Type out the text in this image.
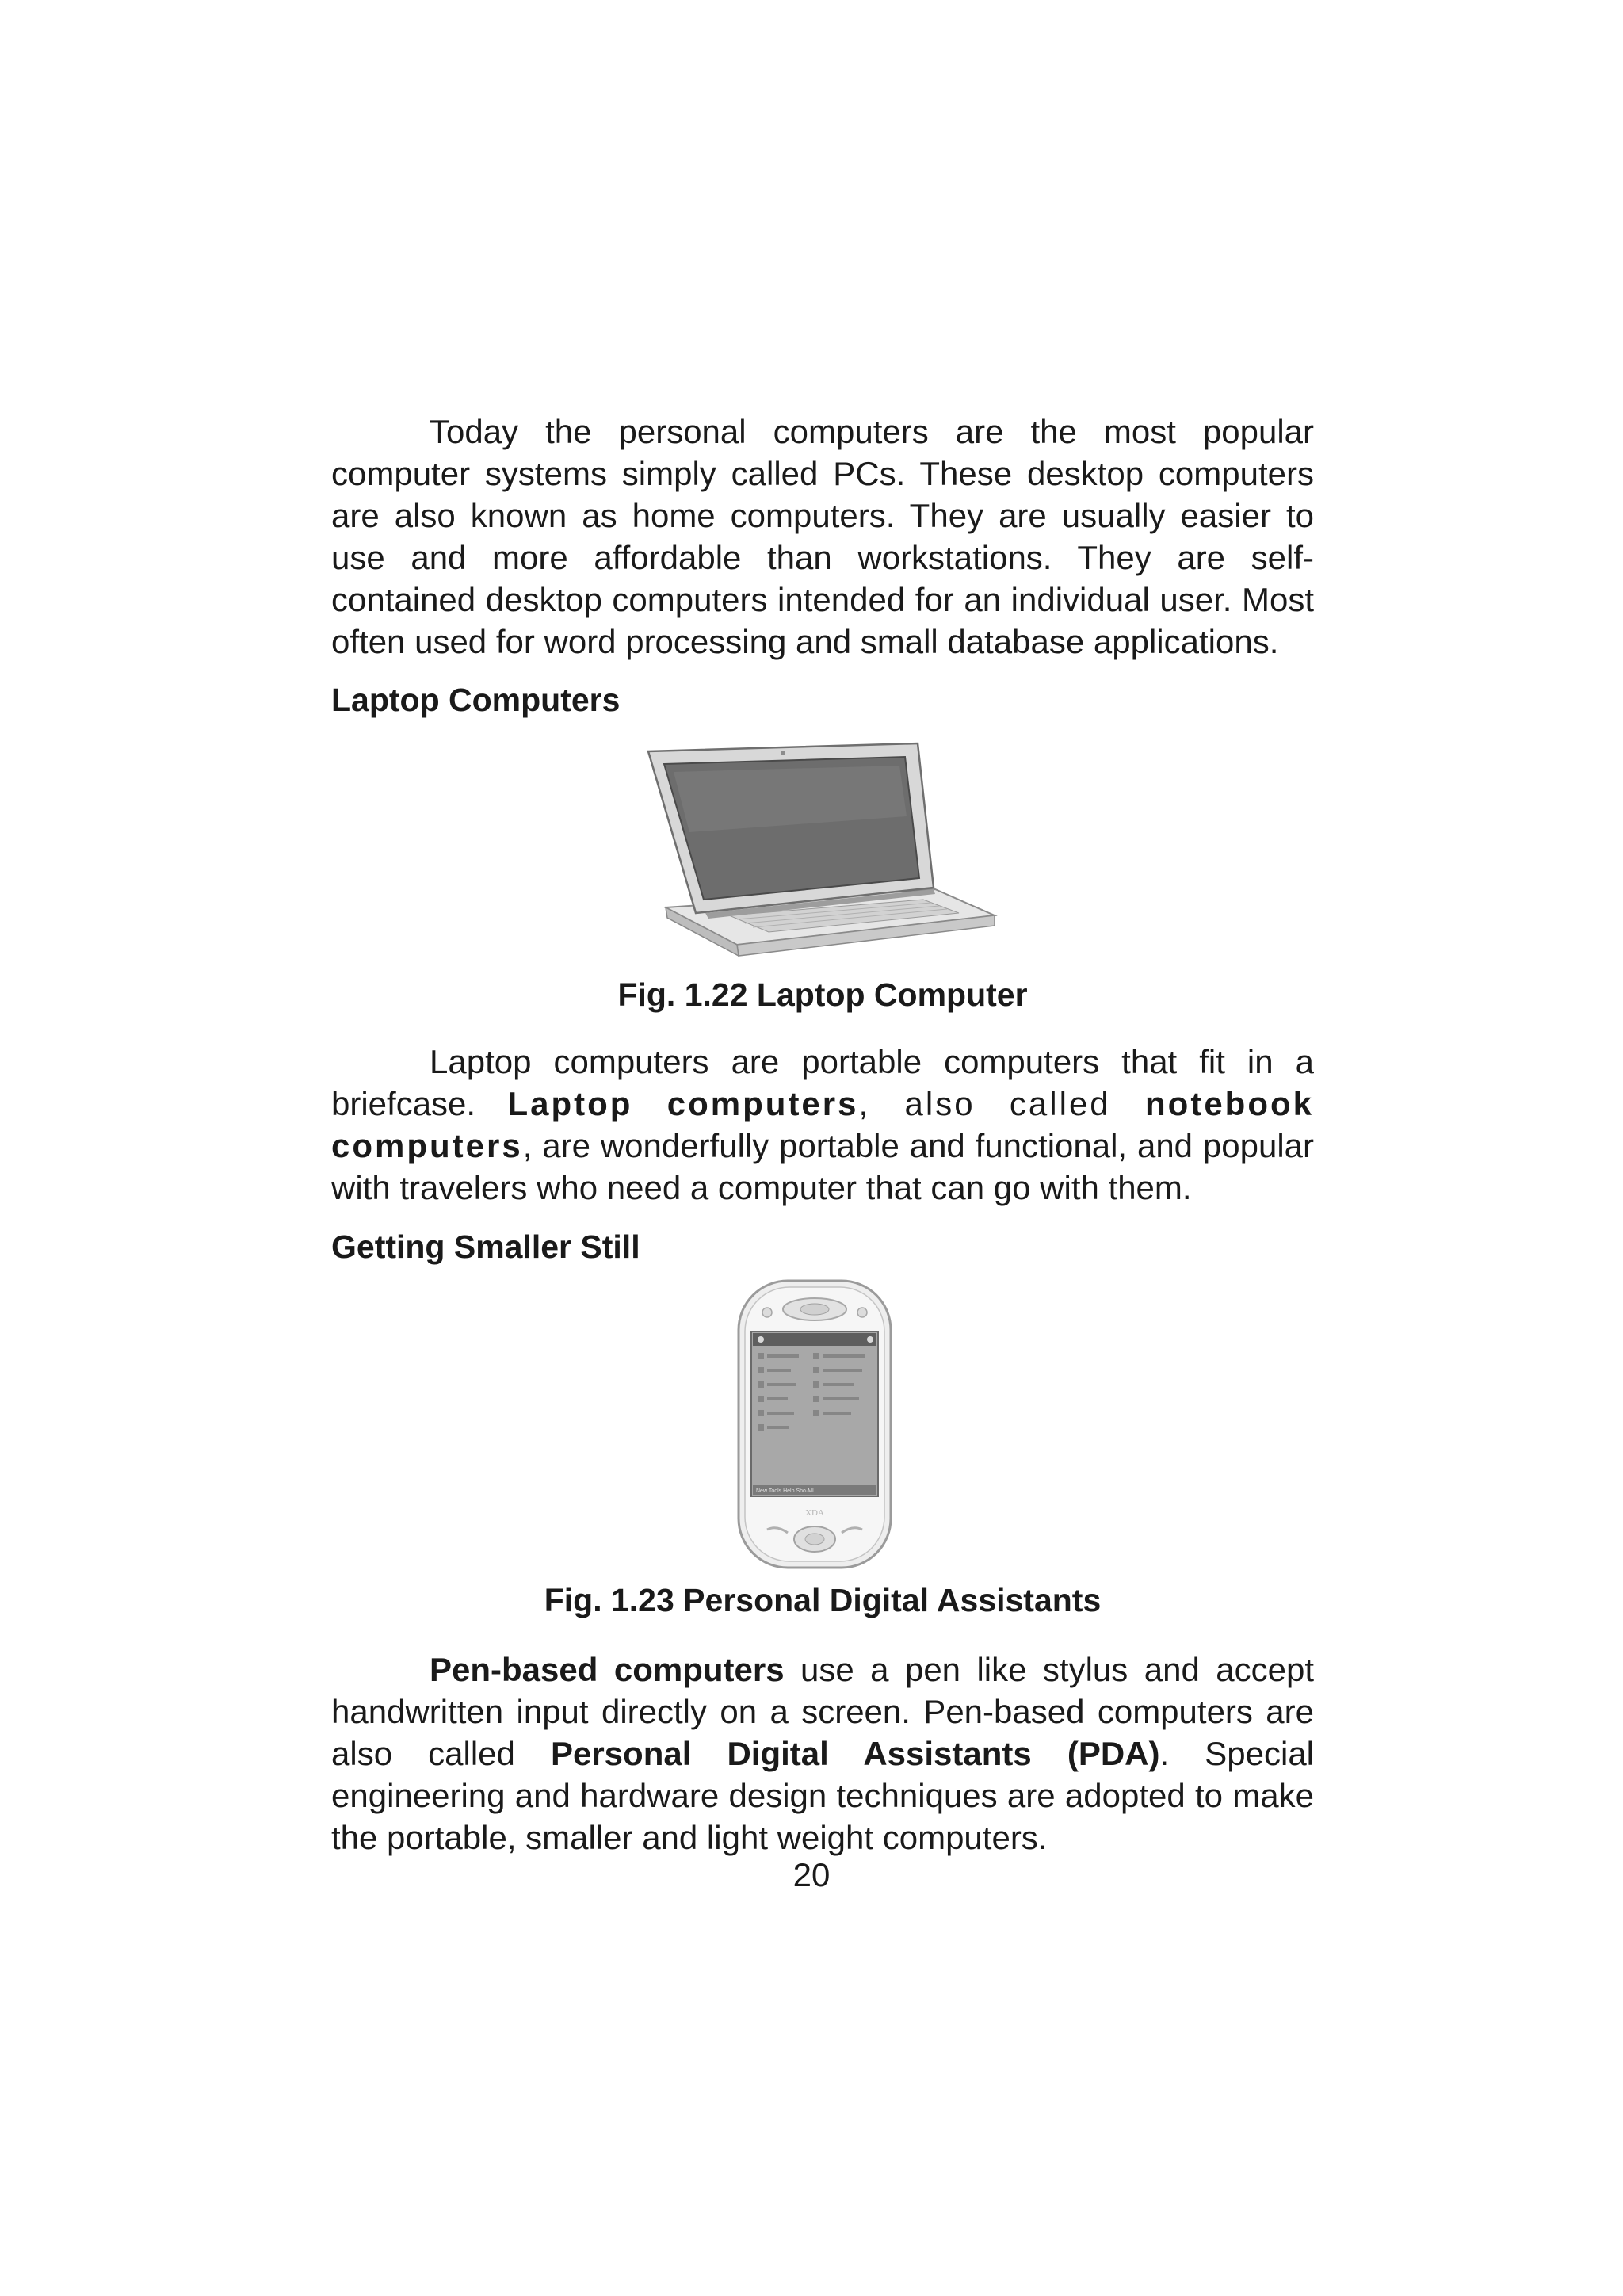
Today the personal computers are the most popular computer systems simply called PCs. These desktop computers are also known as home computers. They are usually easier to use and more affordable than workstations. They are self-contained desktop computers intended for an individual user. Most often used for word processing and small database applications.

Laptop Computers

Fig. 1.22 Laptop Computer

Laptop computers are portable computers that fit in a briefcase. Laptop computers, also called notebook computers, are wonderfully portable and functional, and popular with travelers who need a computer that can go with them.

Getting Smaller Still

New Tools Help Sho·Ml
XDA

Fig. 1.23 Personal Digital Assistants

Pen-based computers use a pen like stylus and accept handwritten input directly on a screen. Pen-based computers are also called Personal Digital Assistants (PDA). Special engineering and hardware design techniques are adopted to make the portable, smaller and light weight computers.

20
